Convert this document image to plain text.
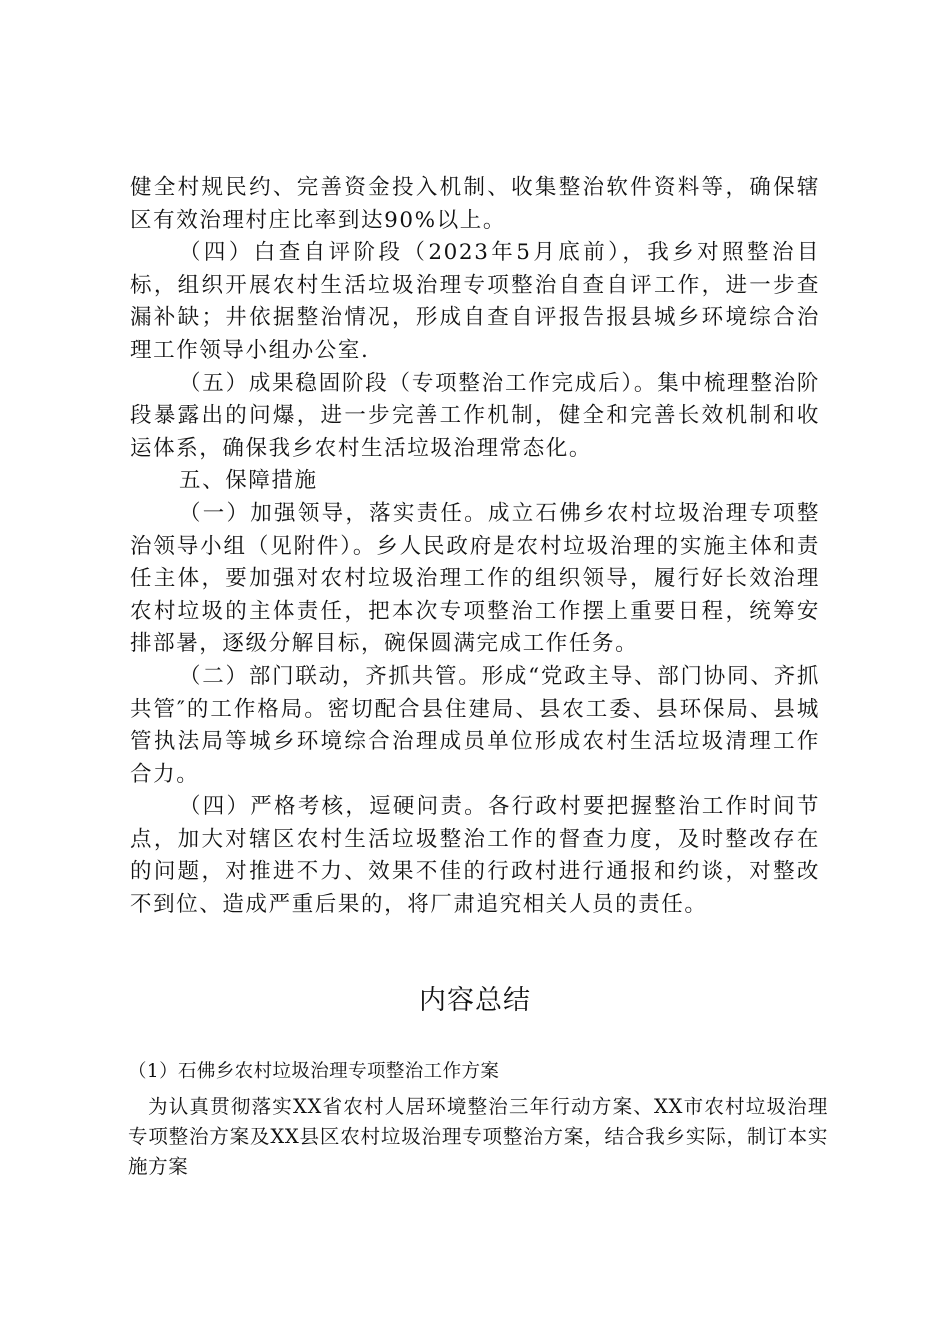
健全村规民约、完善资金投入机制、收集整治软件资料等，确保辖区有效治理村庄比率到达90%以上。

（四）白查自评阶段（2023年5月底前），我乡对照整治目标，组织开展农村生活垃圾治理专项整治自查自评工作，进一步查漏补缺；井依据整治情况，形成自查自评报告报县城乡环境综合治理工作领导小组办公室.

（五）成果稳固阶段（专项整治工作完成后）。集中梳理整治阶段暴露出的问爆，进一步完善工作机制，健全和完善长效机制和收运体系，确保我乡农村生活垃圾治理常态化。

五、保障措施

（一）加强领导，落实责任。成立石佛乡农村垃圾治理专项整治领导小组（见附件）。乡人民政府是农村垃圾治理的实施主体和责任主体，要加强对农村垃圾治理工作的组织领导，履行好长效治理农村垃圾的主体责任，把本次专项整治工作摆上重要日程，统筹安排部暑，逐级分解目标，碗保圆满完成工作任务。

（二）部门联动，齐抓共管。形成“党政主导、部门协同、齐抓共管″的工作格局。密切配合县住建局、县农工委、县环保局、县城管执法局等城乡环境综合治理成员单位形成农村生活垃圾清理工作合力。

（四）严格考核，逗硬问责。各行政村要把握整治工作时间节点，加大对辖区农村生活垃圾整治工作的督查力度，及时整改存在的问题，对推进不力、效果不佳的行政村进行通报和约谈，对整改不到位、造成严重后果的，将厂肃追究相关人员的责任。

内容总结

（1）石佛乡农村垃圾治理专项整治工作方案

为认真贯彻落实XX省农村人居环境整治三年行动方案、XX市农村垃圾治理专项整治方案及XX县区农村垃圾治理专项整治方案，结合我乡实际，制订本实施方案
